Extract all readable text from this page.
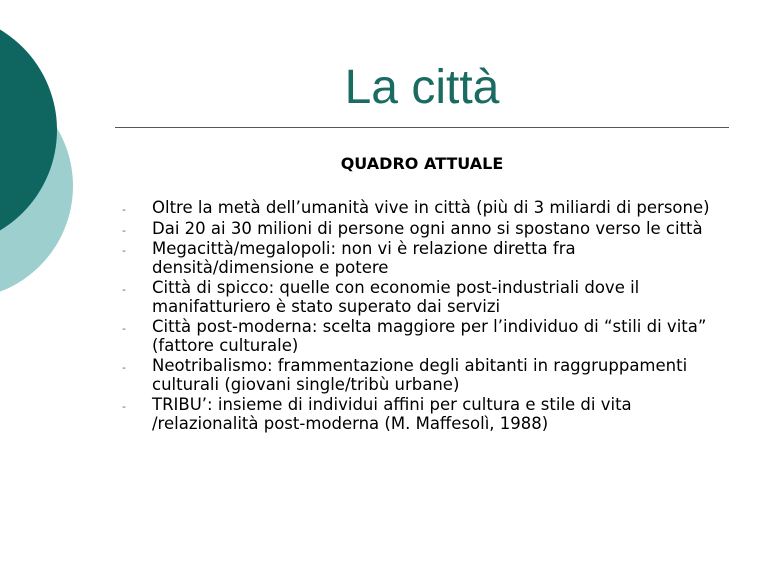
La città
QUADRO ATTUALE
- Oltre la metà dell’umanità vive in città (più di 3 miliardi di persone)
- Dai 20 ai 30 milioni di persone ogni anno si spostano verso le città
- Megacittà/megalopoli: non vi è relazione diretta fra densità/dimensione e potere
- Città di spicco: quelle con economie post-industriali dove il manifatturiero è stato superato dai servizi
- Città post-moderna: scelta maggiore per l’individuo di “stili di vita” (fattore culturale)
- Neotribalismo: frammentazione degli abitanti in raggruppamenti culturali (giovani single/tribù urbane)
- TRIBU’: insieme di individui affini per cultura e stile di vita /relazionalità post-moderna (M. Maffesolì, 1988)
